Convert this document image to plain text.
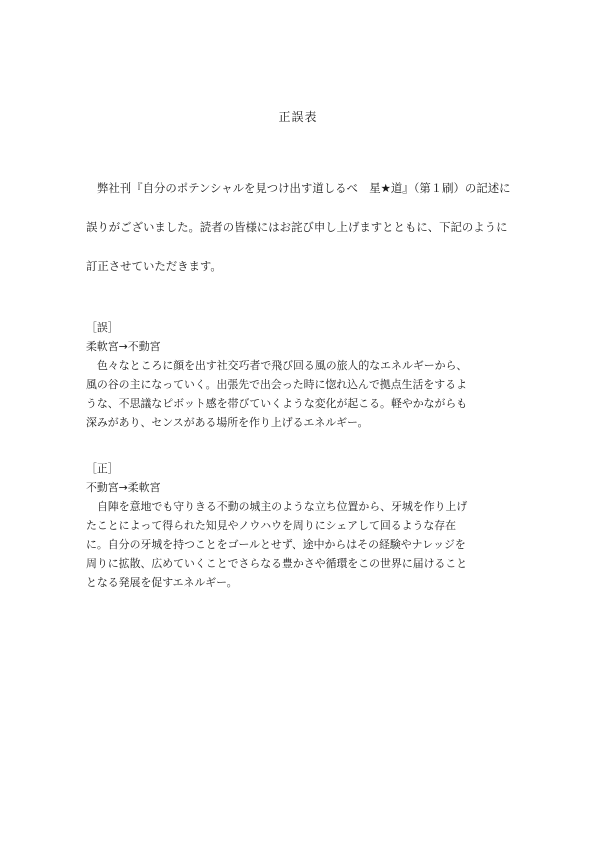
正誤表
弊社刊『自分のポテンシャルを見つけ出す道しるべ　星★道』（第１刷）の記述に
誤りがございました。読者の皆様にはお詫び申し上げますとともに、下記のように
訂正させていただきます。
［誤］
柔軟宮→不動宮
色々なところに顔を出す社交巧者で飛び回る風の旅人的なエネルギーから、
風の谷の主になっていく。出張先で出会った時に惚れ込んで拠点生活をするよ
うな、不思議なピボット感を帯びていくような変化が起こる。軽やかながらも
深みがあり、センスがある場所を作り上げるエネルギー。
［正］
不動宮→柔軟宮
自陣を意地でも守りきる不動の城主のような立ち位置から、牙城を作り上げ
たことによって得られた知見やノウハウを周りにシェアして回るような存在
に。自分の牙城を持つことをゴールとせず、途中からはその経験やナレッジを
周りに拡散、広めていくことでさらなる豊かさや循環をこの世界に届けること
となる発展を促すエネルギー。
